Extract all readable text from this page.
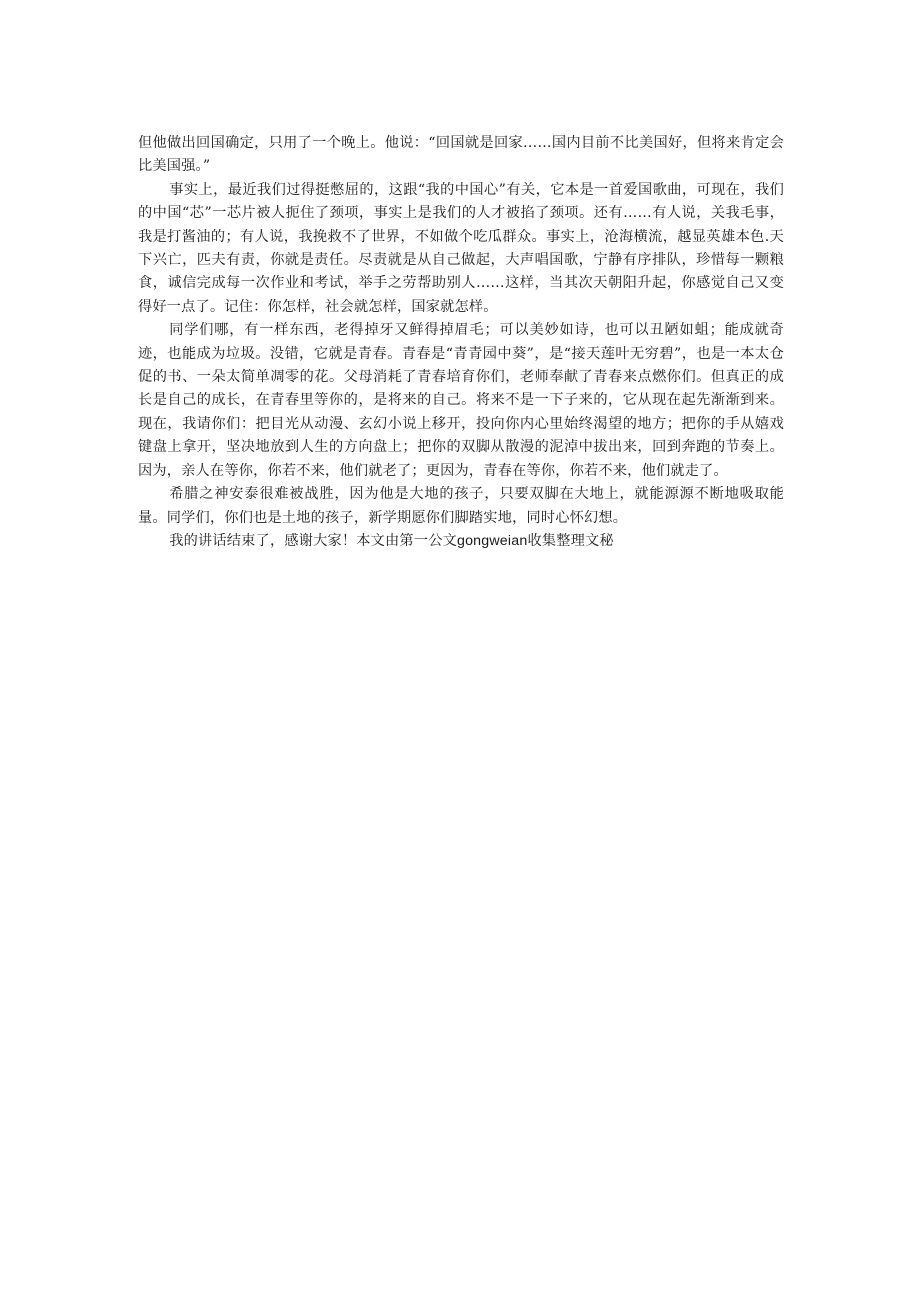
但他做出回国确定，只用了一个晚上。他说：“回国就是回家……国内目前不比美国好，但将来肯定会比美国强。”

事实上，最近我们过得挺憋屈的，这跟“我的中国心”有关，它本是一首爱国歌曲，可现在，我们的中国“芯”一芯片被人扼住了颈项，事实上是我们的人才被掐了颈项。还有……有人说，关我毛事，我是打酱油的；有人说，我挽救不了世界，不如做个吃瓜群众。事实上，沧海横流，越显英雄本色.天下兴亡，匹夫有责，你就是责任。尽责就是从自己做起，大声唱国歌，宁静有序排队，珍惜每一颗粮食，诚信完成每一次作业和考试，举手之劳帮助别人……这样，当其次天朝阳升起，你感觉自己又变得好一点了。记住：你怎样，社会就怎样，国家就怎样。

同学们哪，有一样东西，老得掉牙又鲜得掉眉毛；可以美妙如诗，也可以丑陋如蛆；能成就奇迹，也能成为垃圾。没错，它就是青春。青春是“青青园中葵”，是“接天莲叶无穷碧”，也是一本太仓促的书、一朵太简单凋零的花。父母消耗了青春培育你们，老师奉献了青春来点燃你们。但真正的成长是自己的成长，在青春里等你的，是将来的自己。将来不是一下子来的，它从现在起先渐渐到来。现在，我请你们：把目光从动漫、玄幻小说上移开，投向你内心里始终渴望的地方；把你的手从嬉戏键盘上拿开，坚决地放到人生的方向盘上；把你的双脚从散漫的泥淖中拔出来，回到奔跑的节奏上。因为，亲人在等你，你若不来，他们就老了；更因为，青春在等你，你若不来，他们就走了。

希腊之神安泰很难被战胜，因为他是大地的孩子，只要双脚在大地上，就能源源不断地吸取能量。同学们，你们也是土地的孩子，新学期愿你们脚踏实地，同时心怀幻想。

我的讲话结束了，感谢大家！本文由第一公文gongweian收集整理文秘
